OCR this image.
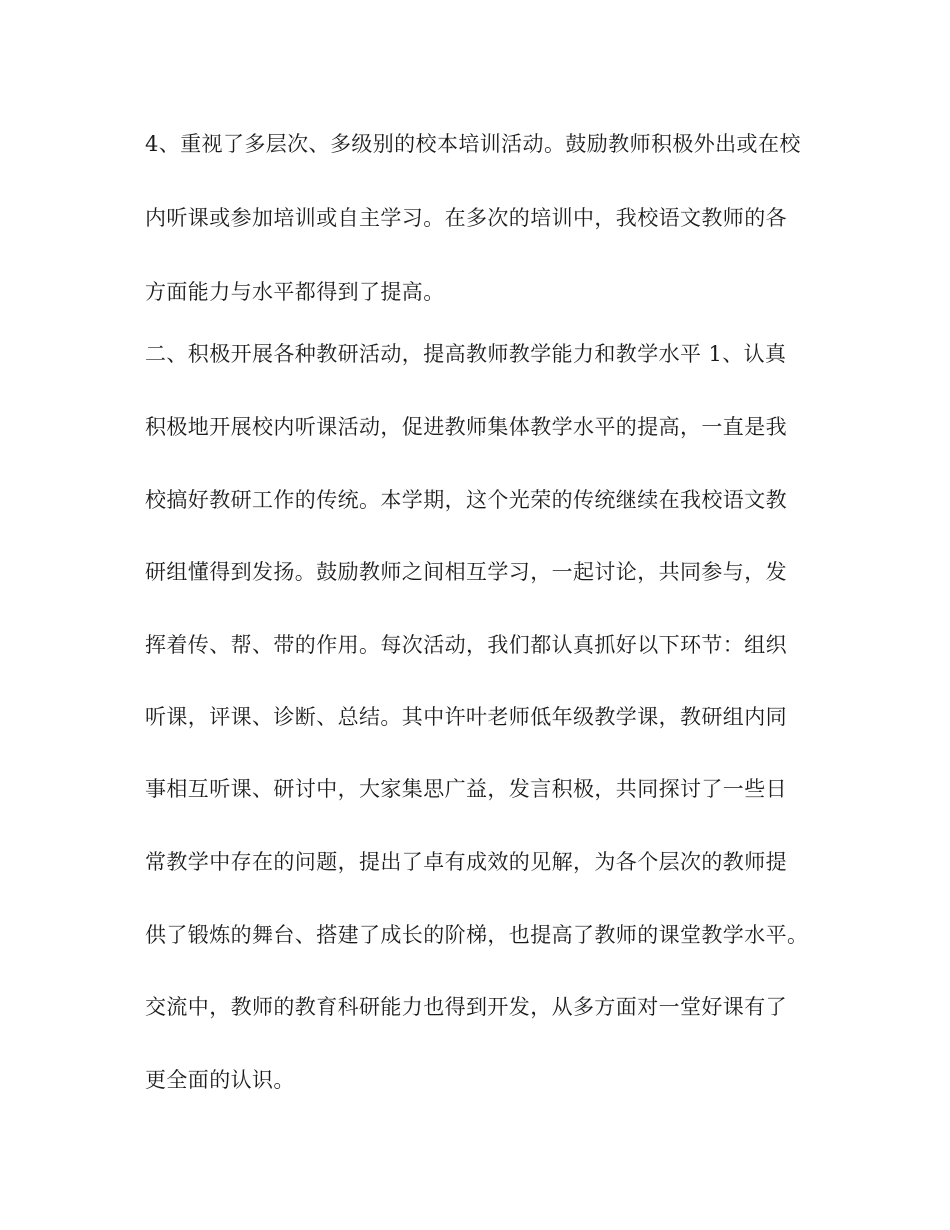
4、重视了多层次、多级别的校本培训活动。鼓励教师积极外出或在校

内听课或参加培训或自主学习。在多次的培训中，我校语文教师的各

方面能力与水平都得到了提高。

二、积极开展各种教研活动，提高教师教学能力和教学水平 1、认真

积极地开展校内听课活动，促进教师集体教学水平的提高，一直是我

校搞好教研工作的传统。本学期，这个光荣的传统继续在我校语文教

研组懂得到发扬。鼓励教师之间相互学习，一起讨论，共同参与，发

挥着传、帮、带的作用。每次活动，我们都认真抓好以下环节：组织

听课，评课、诊断、总结。其中许叶老师低年级教学课，教研组内同

事相互听课、研讨中，大家集思广益，发言积极，共同探讨了一些日

常教学中存在的问题，提出了卓有成效的见解，为各个层次的教师提

供了锻炼的舞台、搭建了成长的阶梯，也提高了教师的课堂教学水平。

交流中，教师的教育科研能力也得到开发，从多方面对一堂好课有了

更全面的认识。
